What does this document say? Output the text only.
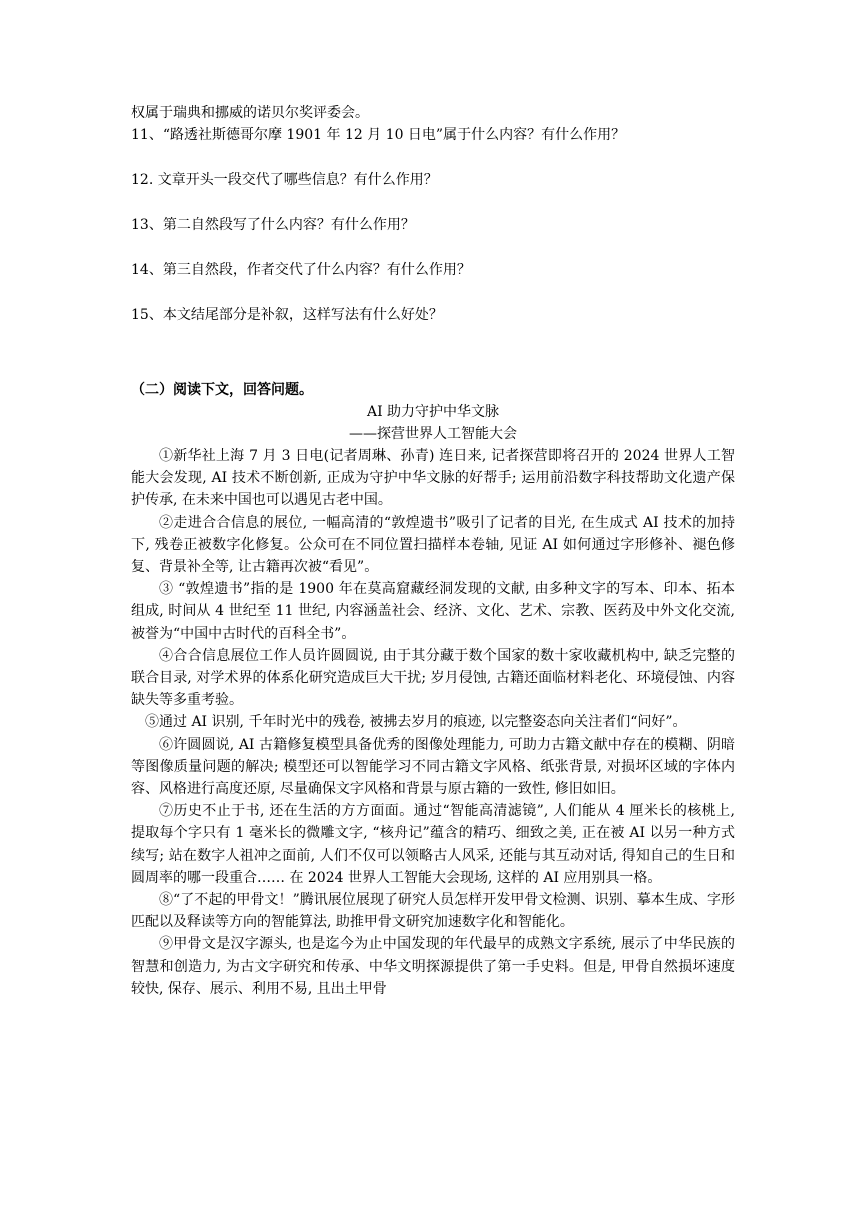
权属于瑞典和挪威的诺贝尔奖评委会。

11、“路透社斯德哥尔摩 1901 年 12 月 10 日电”属于什么内容？有什么作用？

12. 文章开头一段交代了哪些信息？有什么作用？

13、第二自然段写了什么内容？有什么作用？

14、第三自然段，作者交代了什么内容？有什么作用？

15、本文结尾部分是补叙，这样写法有什么好处？

（二）阅读下文，回答问题。

AI 助力守护中华文脉

——探营世界人工智能大会

①新华社上海 7 月 3 日电(记者周琳、孙青) 连日来, 记者探营即将召开的 2024 世界人工智能大会发现, AI 技术不断创新, 正成为守护中华文脉的好帮手; 运用前沿数字科技帮助文化遗产保护传承, 在未来中国也可以遇见古老中国。

②走进合合信息的展位, 一幅高清的“敦煌遗书”吸引了记者的目光, 在生成式 AI 技术的加持下, 残卷正被数字化修复。公众可在不同位置扫描样本卷轴, 见证 AI 如何通过字形修补、褪色修复、背景补全等, 让古籍再次被“看见”。

③ “敦煌遗书”指的是 1900 年在莫高窟藏经洞发现的文献, 由多种文字的写本、印本、拓本组成, 时间从 4 世纪至 11 世纪, 内容涵盖社会、经济、文化、艺术、宗教、医药及中外文化交流, 被誉为“中国中古时代的百科全书”。

④合合信息展位工作人员许圆圆说, 由于其分藏于数个国家的数十家收藏机构中, 缺乏完整的联合目录, 对学术界的体系化研究造成巨大干扰; 岁月侵蚀, 古籍还面临材料老化、环境侵蚀、内容缺失等多重考验。

⑤通过 AI 识别, 千年时光中的残卷, 被拂去岁月的痕迹, 以完整姿态向关注者们“问好”。

⑥许圆圆说, AI 古籍修复模型具备优秀的图像处理能力, 可助力古籍文献中存在的模糊、阴暗等图像质量问题的解决; 模型还可以智能学习不同古籍文字风格、纸张背景, 对损坏区域的字体内容、风格进行高度还原, 尽量确保文字风格和背景与原古籍的一致性, 修旧如旧。

⑦历史不止于书, 还在生活的方方面面。通过“智能高清滤镜”, 人们能从 4 厘米长的核桃上, 提取每个字只有 1 毫米长的微雕文字, “核舟记”蕴含的精巧、细致之美, 正在被 AI 以另一种方式续写; 站在数字人祖冲之面前, 人们不仅可以领略古人风采, 还能与其互动对话, 得知自己的生日和圆周率的哪一段重合…… 在 2024 世界人工智能大会现场, 这样的 AI 应用别具一格。

⑧“了不起的甲骨文！”腾讯展位展现了研究人员怎样开发甲骨文检测、识别、摹本生成、字形匹配以及释读等方向的智能算法, 助推甲骨文研究加速数字化和智能化。

⑨甲骨文是汉字源头, 也是迄今为止中国发现的年代最早的成熟文字系统, 展示了中华民族的智慧和创造力, 为古文字研究和传承、中华文明探源提供了第一手史料。但是, 甲骨自然损坏速度较快, 保存、展示、利用不易, 且出土甲骨
